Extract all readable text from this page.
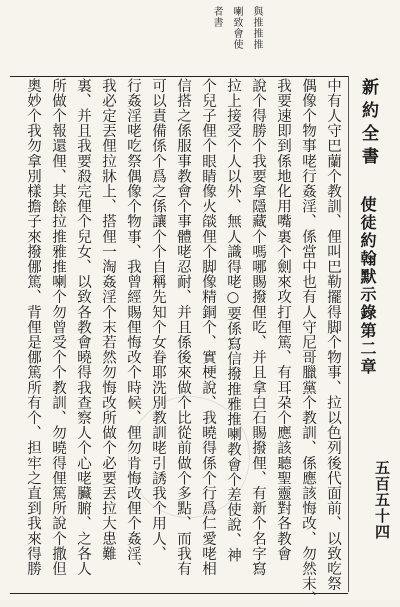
與推推推
喇致會使
者書
新約全書
使徒約翰默示錄第二章
五百五十四
中有人守巴蘭个教訓、俚叫巴勒擺得脚个物事、拉以色列後代面前、以致吃祭
偶像个物事咾行姦淫、係當中也有人守尼哥臘黨个教訓、係應該悔改、勿然末、
我要速即到係地化用嘴裏个劍來攻打俚篤、有耳朶个應該聽聖靈對各教會
說个得勝个我要拿隱藏个嗎哪賜撥俚吃、并且拿白石賜撥俚、有新个名字寫
拉上接受个人以外、無人識得咾○要係寫信撥推雅推喇教會个差使說、神
个兒子俚个眼睛像火燄俚个脚像精銅个、實梗說、我曉得係个行爲仁愛咾相
信搭之係服事教會个事體咾忍耐、并且係後來做个比從前做个多點、而我有
可以責備係个爲之係讓个个自稱先知个女眷耶洗別教訓咾引誘我个用人、
行姦淫咾吃祭偶像个物事、我曾經賜俚悔改个時候、俚勿肯悔改俚个姦淫、
我必定丟俚拉牀上、搭俚一淘姦淫个末若然勿悔改所做个必要丟拉大患難
裏、并且我要殺完俚个兒女、以致各教會曉得我查察人个心咾臟腑、之各人
所做个報還俚、其餘拉推雅推喇个勿曾受个个教訓、勿曉得俚篤所說个撒但
奧妙个我勿拿別樣擔子來撥㑚篤、背俚是㑚篤所有个、担牢之直到我來得勝
